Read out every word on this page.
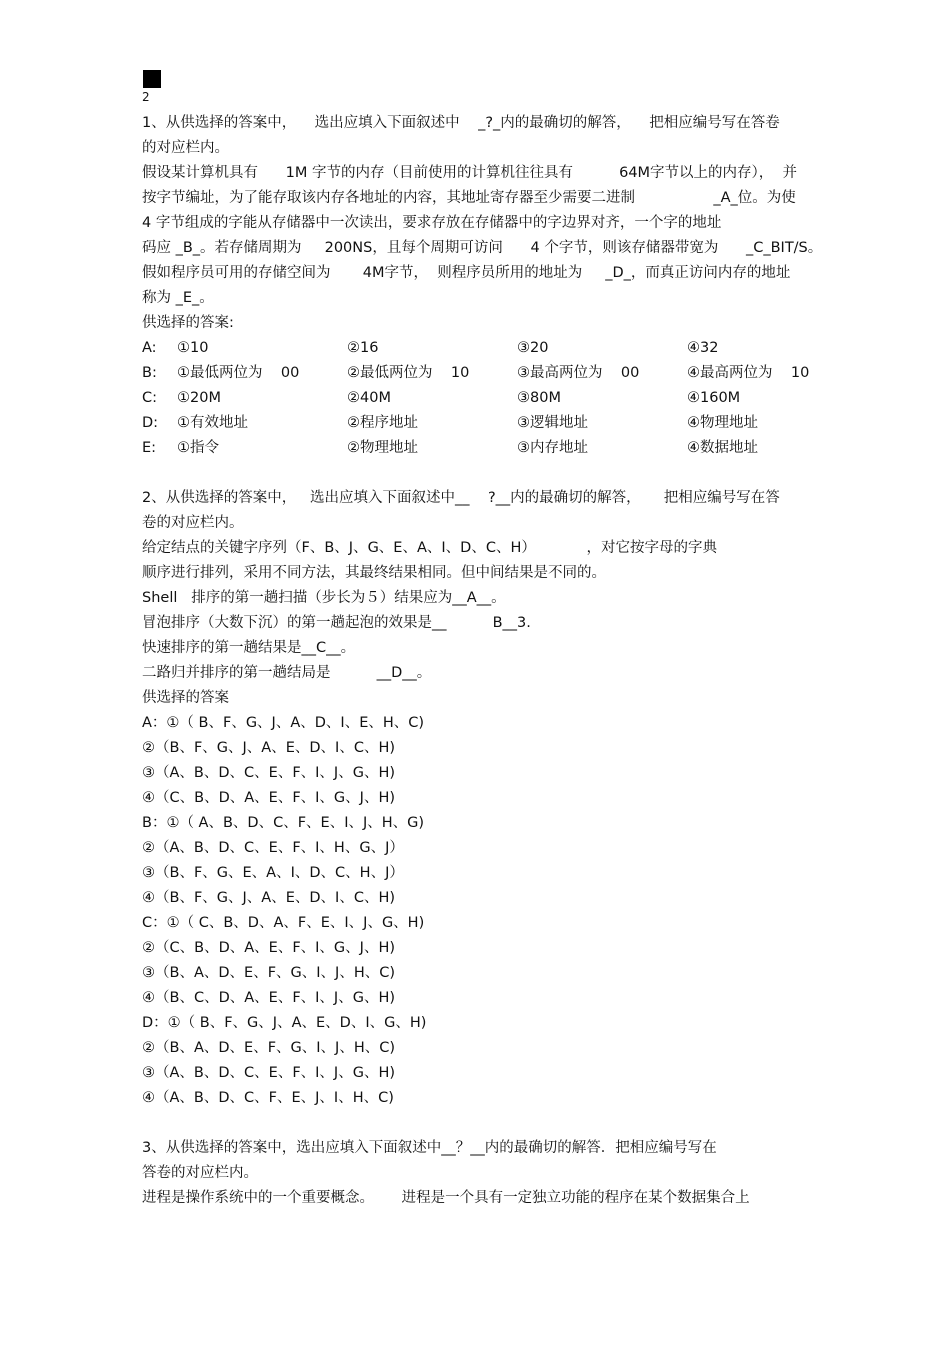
2
1、从供选择的答案中，    选出应填入下面叙述中    _?_内的最确切的解答，    把相应编号写在答卷
的对应栏内。
假设某计算机具有      1M 字节的内存（目前使用的计算机往往具有          64M字节以上的内存），  并
按字节编址，为了能存取该内存各地址的内容，其地址寄存器至少需要二进制                 _A_位。为使
4 字节组成的字能从存储器中一次读出，要求存放在存储器中的字边界对齐，一个字的地址
码应 _B_。若存储周期为     200NS，且每个周期可访问      4 个字节，则该存储器带宽为      _C_BIT/S。
假如程序员可用的存储空间为       4M字节，  则程序员所用的地址为     _D_，而真正访问内存的地址
称为 _E_。
供选择的答案:
A:	①10	②16	③20	④32
B:	①最低两位为    00	②最低两位为    10	③最高两位为    00	④最高两位为    10
C:	①20M	②40M	③80M	④160M
D:	①有效地址	②程序地址	③逻辑地址	④物理地址
E:	①指令	②物理地址	③内存地址	④数据地址
2、从供选择的答案中，   选出应填入下面叙述中__    ?__内的最确切的解答，     把相应编号写在答
卷的对应栏内。
给定结点的关键字序列（F、B、J、G、E、A、I、D、C、H）           ，对它按字母的字典
顺序进行排列，采用不同方法，其最终结果相同。但中间结果是不同的。
Shell   排序的第一趟扫描（步长为５）结果应为__A__。
冒泡排序（大数下沉）的第一趟起泡的效果是__          B__3.
快速排序的第一趟结果是__C__。
二路归并排序的第一趟结局是          __D__。
供选择的答案
A：①（ B、F、G、J、A、D、I、E、H、C)
②（B、F、G、J、A、E、D、I、C、H)
③（A、B、D、C、E、F、I、J、G、H)
④（C、B、D、A、E、F、I、G、J、H)
B：①（ A、B、D、C、F、E、I、J、H、G)
②（A、B、D、C、E、F、I、H、G、J）
③（B、F、G、E、A、I、D、C、H、J）
④（B、F、G、J、A、E、D、I、C、H)
C：①（ C、B、D、A、F、E、I、J、G、H)
②（C、B、D、A、E、F、I、G、J、H)
③（B、A、D、E、F、G、I、J、H、C)
④（B、C、D、A、E、F、I、J、G、H)
D：①（ B、F、G、J、A、E、D、I、G、H)
②（B、A、D、E、F、G、I、J、H、C)
③（A、B、D、C、E、F、I、J、G、H)
④（A、B、D、C、F、E、J、I、H、C)
3、从供选择的答案中，选出应填入下面叙述中__？__内的最确切的解答．把相应编号写在
答卷的对应栏内。
进程是操作系统中的一个重要概念。      进程是一个具有一定独立功能的程序在某个数据集合上
